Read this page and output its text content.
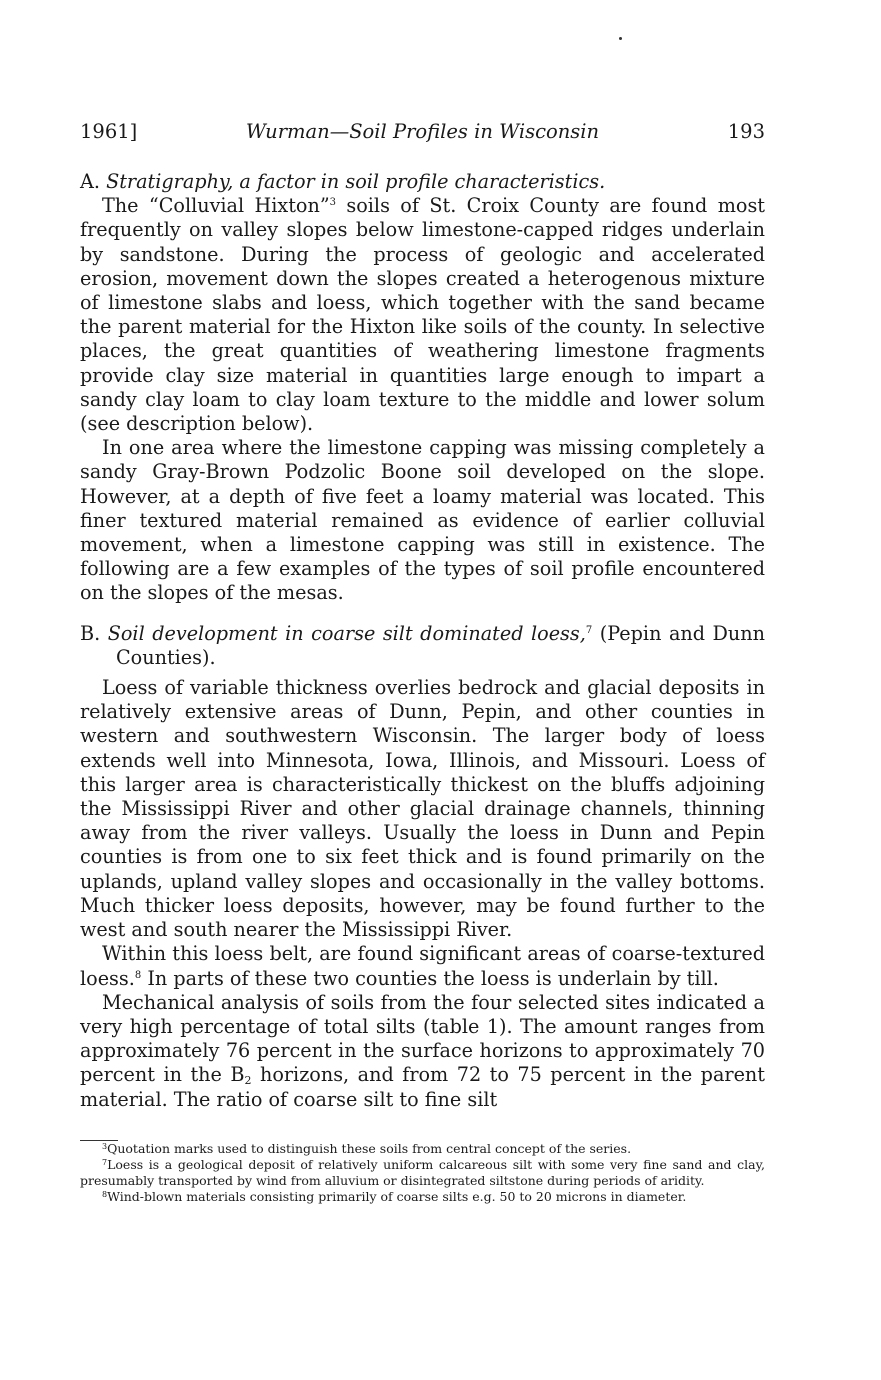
1961]	Wurman—Soil Profiles in Wisconsin	193

A. Stratigraphy, a factor in soil profile characteristics.

The “Colluvial Hixton”$^3$ soils of St. Croix County are found most frequently on valley slopes below limestone-capped ridges underlain by sandstone. During the process of geologic and accelerated erosion, movement down the slopes created a heterogenous mixture of limestone slabs and loess, which together with the sand became the parent material for the Hixton like soils of the county. In selective places, the great quantities of weathering limestone fragments provide clay size material in quantities large enough to impart a sandy clay loam to clay loam texture to the middle and lower solum (see description below).

In one area where the limestone capping was missing completely a sandy Gray-Brown Podzolic Boone soil developed on the slope. However, at a depth of five feet a loamy material was located. This finer textured material remained as evidence of earlier colluvial movement, when a limestone capping was still in existence. The following are a few examples of the types of soil profile encountered on the slopes of the mesas.

B. Soil development in coarse silt dominated loess,$^7$ (Pepin and Dunn Counties).

Loess of variable thickness overlies bedrock and glacial deposits in relatively extensive areas of Dunn, Pepin, and other counties in western and southwestern Wisconsin. The larger body of loess extends well into Minnesota, Iowa, Illinois, and Missouri. Loess of this larger area is characteristically thickest on the bluffs adjoining the Mississippi River and other glacial drainage channels, thinning away from the river valleys. Usually the loess in Dunn and Pepin counties is from one to six feet thick and is found primarily on the uplands, upland valley slopes and occasionally in the valley bottoms. Much thicker loess deposits, however, may be found further to the west and south nearer the Mississippi River.

Within this loess belt, are found significant areas of coarse-textured loess.$^8$ In parts of these two counties the loess is underlain by till.

Mechanical analysis of soils from the four selected sites indicated a very high percentage of total silts (table 1). The amount ranges from approximately 76 percent in the surface horizons to approximately 70 percent in the $B_2$ horizons, and from 72 to 75 percent in the parent material. The ratio of coarse silt to fine silt

$^3$Quotation marks used to distinguish these soils from central concept of the series.

$^7$Loess is a geological deposit of relatively uniform calcareous silt with some very fine sand and clay, presumably transported by wind from alluvium or disintegrated siltstone during periods of aridity.

$^8$Wind-blown materials consisting primarily of coarse silts e.g. 50 to 20 microns in diameter.
